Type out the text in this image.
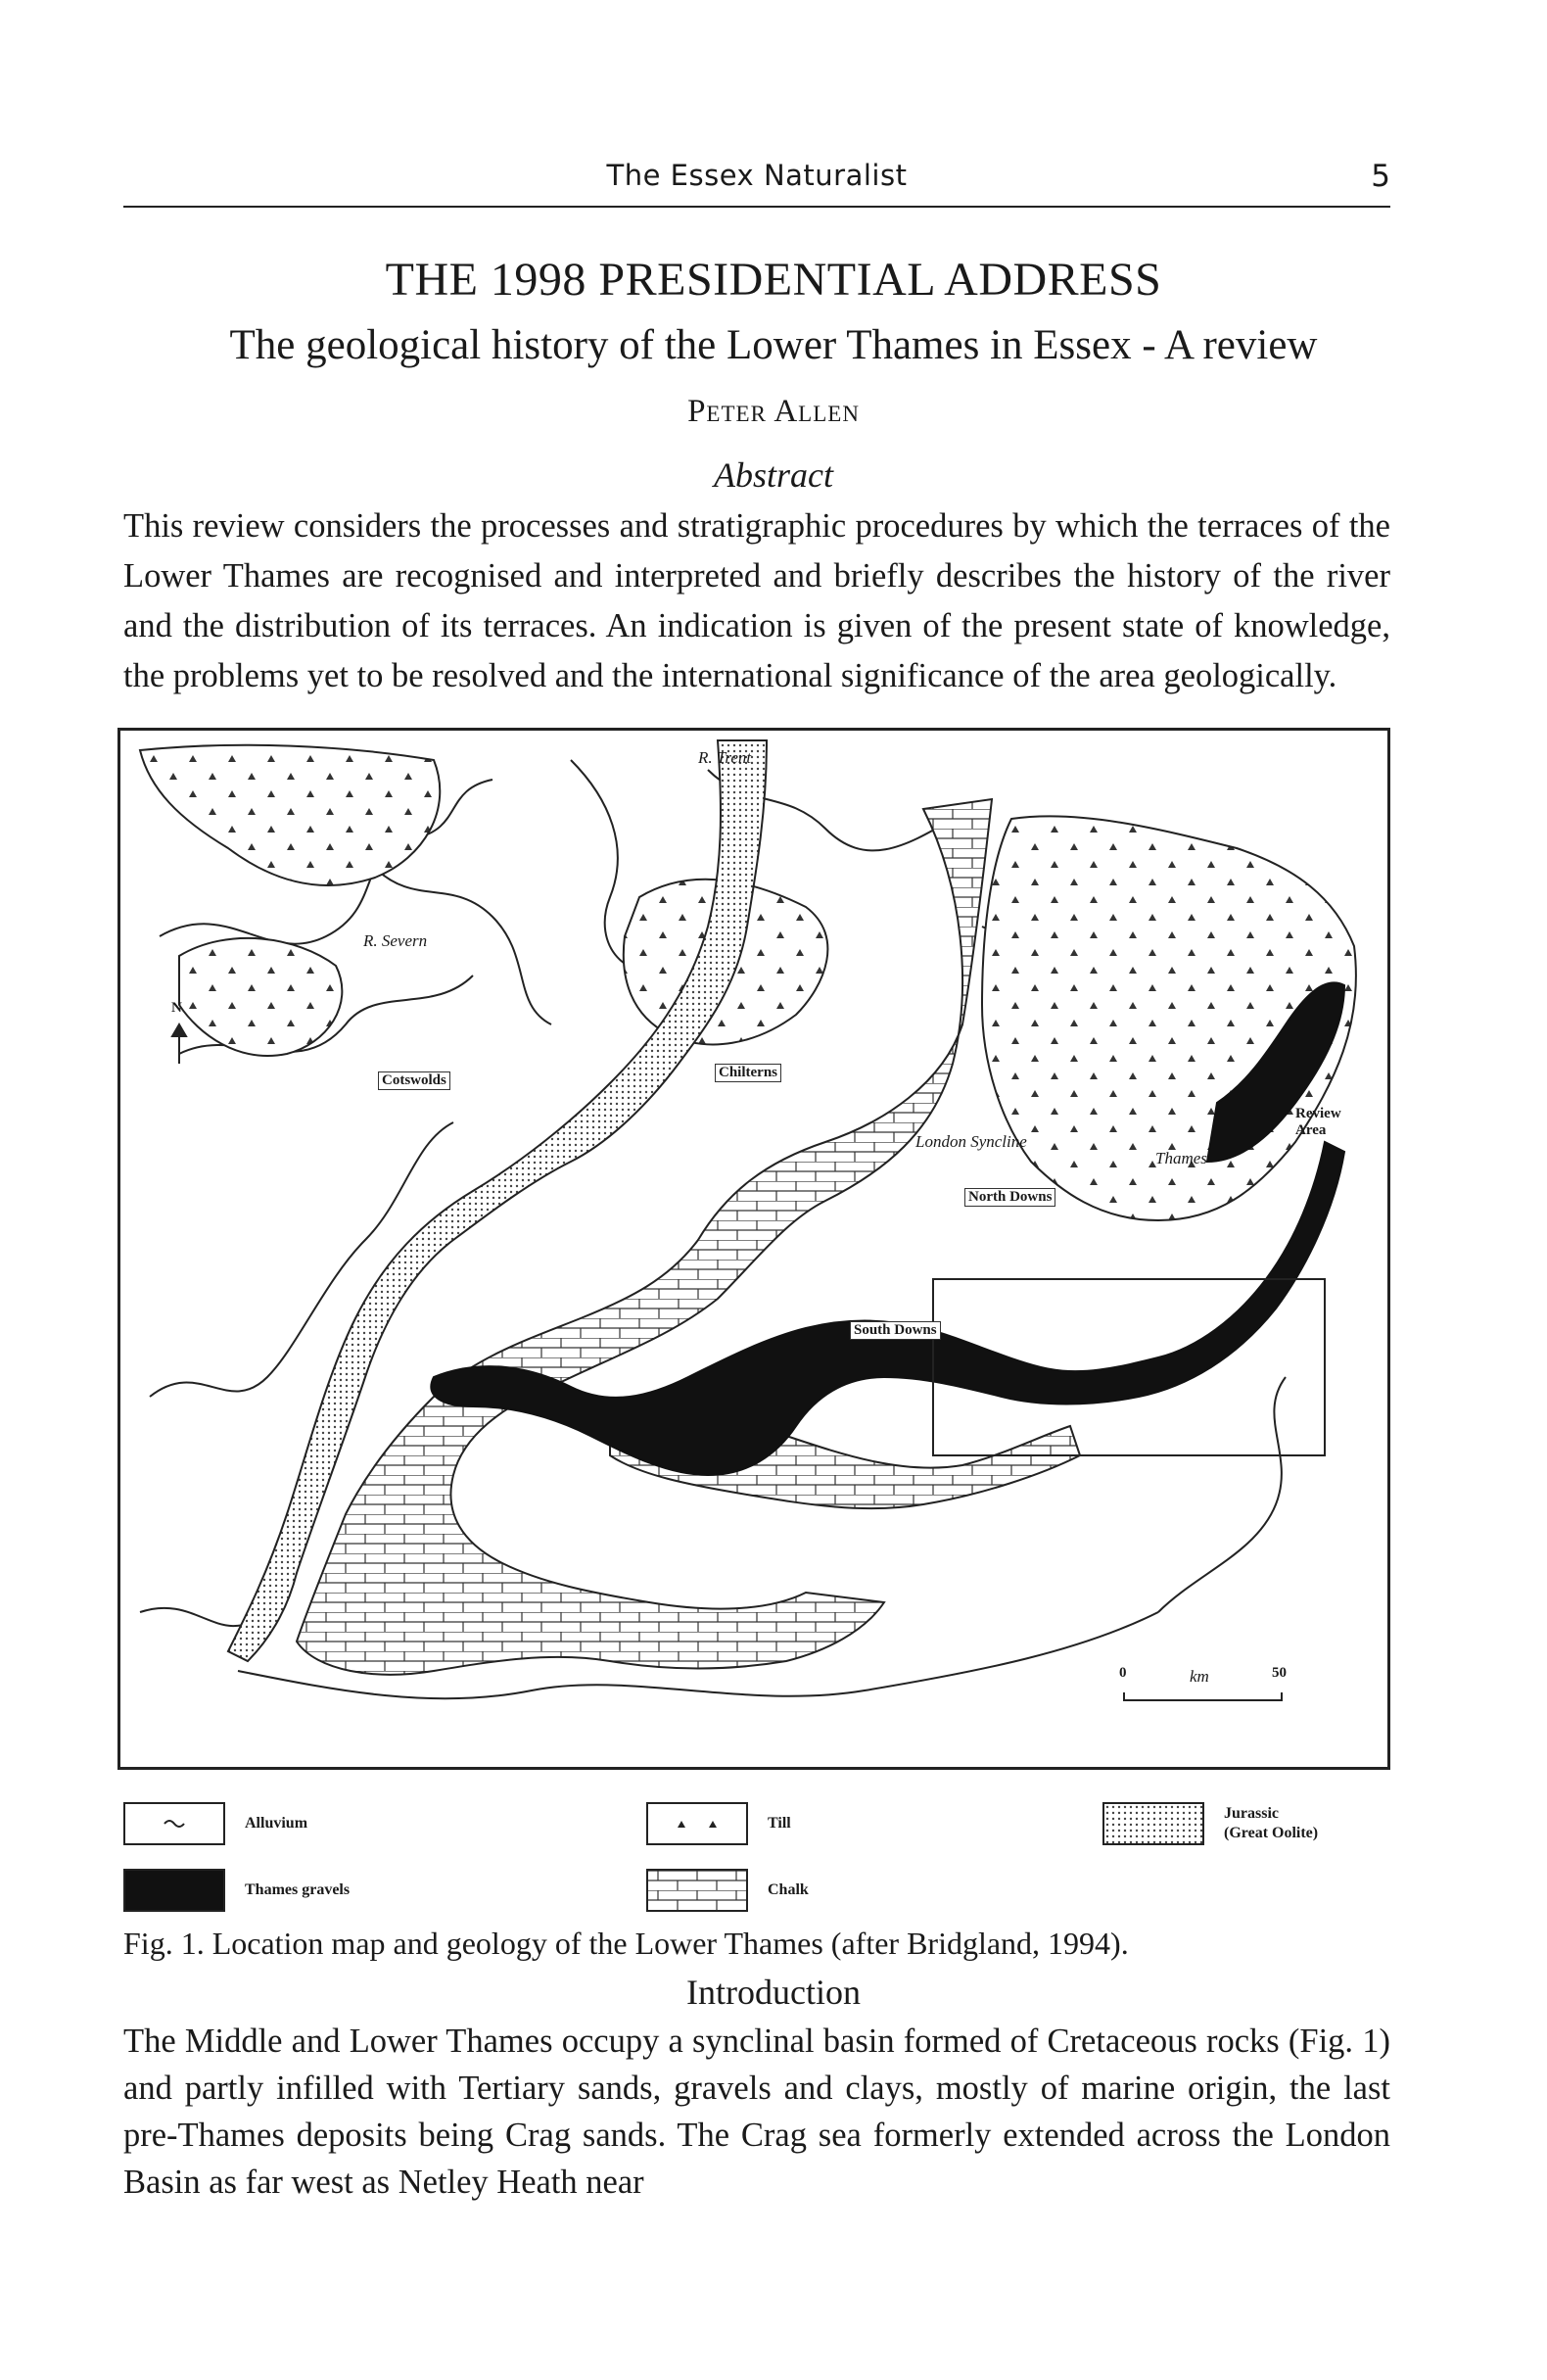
The Essex Naturalist	5
THE 1998 PRESIDENTIAL ADDRESS
The geological history of the Lower Thames in Essex - A review
Peter Allen
Abstract
This review considers the processes and stratigraphic procedures by which the terraces of the Lower Thames are recognised and interpreted and briefly describes the history of the river and the distribution of its terraces. An indication is given of the present state of knowledge, the problems yet to be resolved and the international significance of the area geologically.
N
R. Trent
R. Severn
Cotswolds	Chilterns
London Syncline
Review Area
Thames
North Downs
South Downs
0	km	50
Alluvium
Thames gravels
Till
Chalk
Jurassic
(Great Oolite)
Fig. 1. Location map and geology of the Lower Thames (after Bridgland, 1994).
Introduction
The Middle and Lower Thames occupy a synclinal basin formed of Cretaceous rocks (Fig. 1) and partly infilled with Tertiary sands, gravels and clays, mostly of marine origin, the last pre-Thames deposits being Crag sands. The Crag sea formerly extended across the London Basin as far west as Netley Heath near
